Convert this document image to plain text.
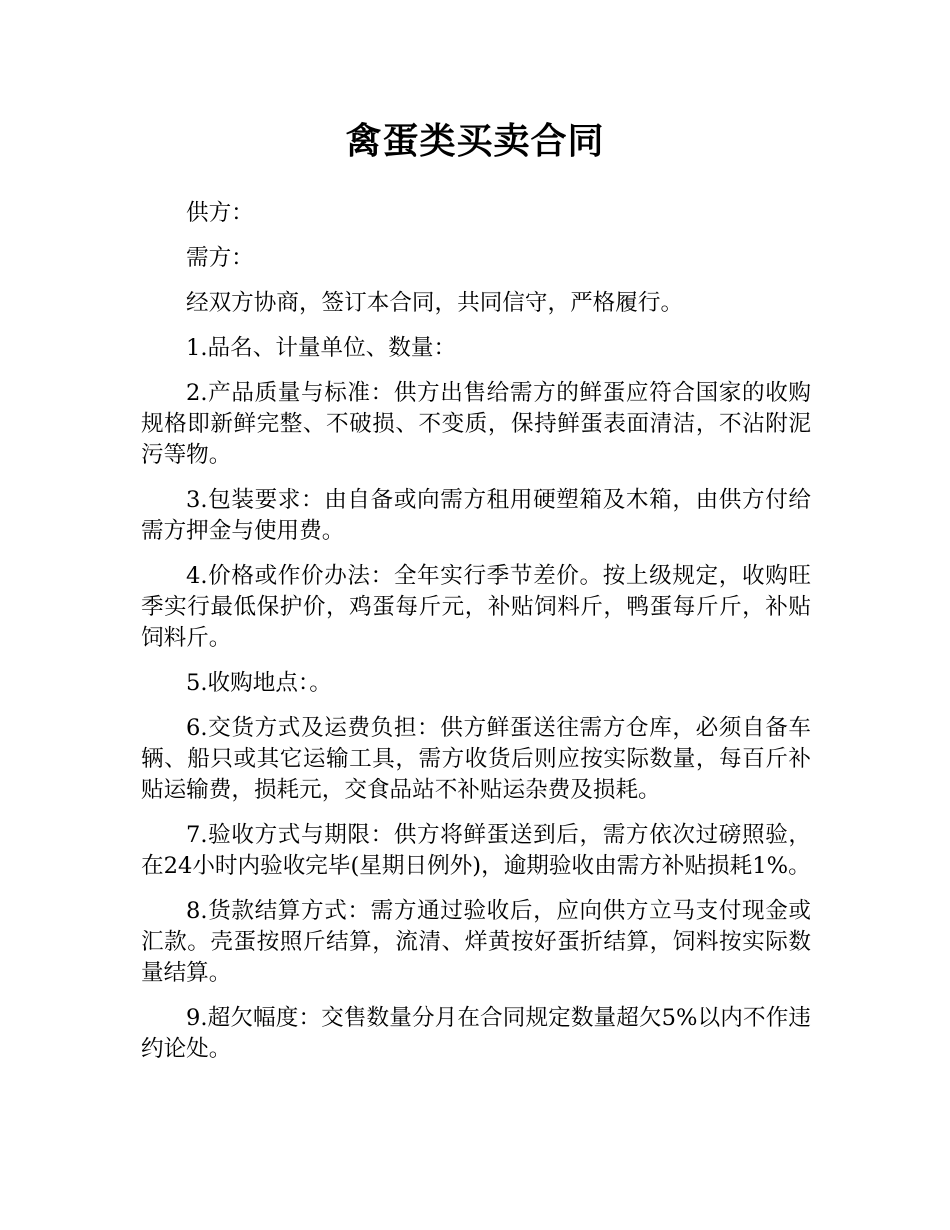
禽蛋类买卖合同

供方：

需方：

经双方协商，签订本合同，共同信守，严格履行。

1.品名、计量单位、数量：

2.产品质量与标准：供方出售给需方的鲜蛋应符合国家的收购规格即新鲜完整、不破损、不变质，保持鲜蛋表面清洁，不沾附泥污等物。

3.包装要求：由自备或向需方租用硬塑箱及木箱，由供方付给需方押金与使用费。

4.价格或作价办法：全年实行季节差价。按上级规定，收购旺季实行最低保护价，鸡蛋每斤元，补贴饲料斤，鸭蛋每斤斤，补贴饲料斤。

5.收购地点：。

6.交货方式及运费负担：供方鲜蛋送往需方仓库，必须自备车辆、船只或其它运输工具，需方收货后则应按实际数量，每百斤补贴运输费，损耗元，交食品站不补贴运杂费及损耗。

7.验收方式与期限：供方将鲜蛋送到后，需方依次过磅照验，在24小时内验收完毕(星期日例外)，逾期验收由需方补贴损耗1%。

8.货款结算方式：需方通过验收后，应向供方立马支付现金或汇款。壳蛋按照斤结算，流清、烊黄按好蛋折结算，饲料按实际数量结算。

9.超欠幅度：交售数量分月在合同规定数量超欠5%以内不作违约论处。
